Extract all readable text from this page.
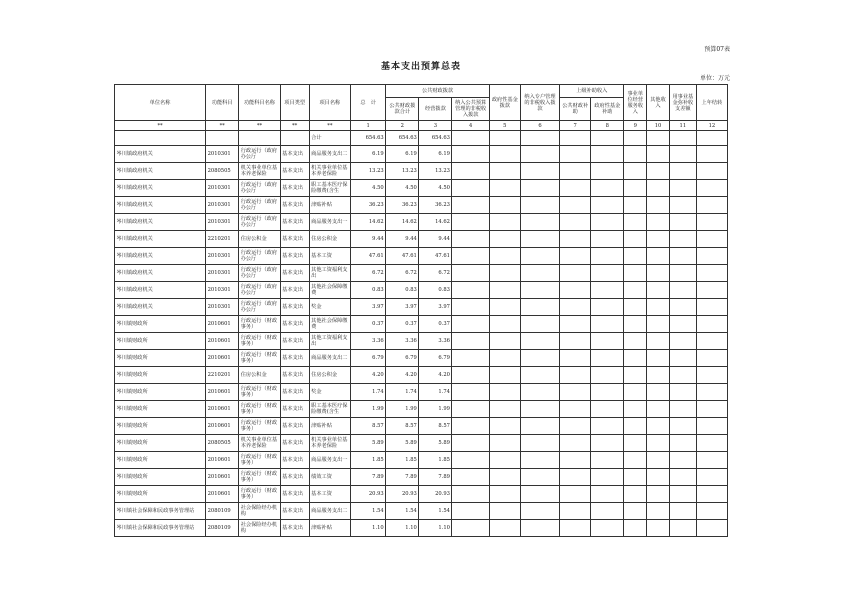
预算07表
基本支出预算总表
单位：万元
单位名称	功能科目	功能科目名称	项目类型	项目名称	总　计	公共财政拨款			政府性基金拨款	纳入专户管理的非税收入拨款	上级补助收入		事业单位经营服务收入	其他收入	用事业基金弥补收支差额	上年结转
						公共财政拨款合计	经营拨款	纳入公共预算管理的非税收入拨款			公共财政补助	政府性基金补助				
**	**	**	**	**	1	2	3	4	5	6	7	8	9	10	11	12
				合计	654.63	654.63	654.63									
岑川镇政府机关	2010301	行政运行（政府办公厅	基本支出	商品服务支出二	6.19	6.19	6.19									
岑川镇政府机关	2080505	机关事业单位基本养老保险	基本支出	机关事业单位基本养老保险	13.23	13.23	13.23									
岑川镇政府机关	2010301	行政运行（政府办公厅	基本支出	职工基本医疗保险缴费(含生	4.50	4.50	4.50									
岑川镇政府机关	2010301	行政运行（政府办公厅	基本支出	津贴补贴	36.23	36.23	36.23									
岑川镇政府机关	2010301	行政运行（政府办公厅	基本支出	商品服务支出一	14.62	14.62	14.62									
岑川镇政府机关	2210201	住房公积金	基本支出	住房公积金	9.44	9.44	9.44									
岑川镇政府机关	2010301	行政运行（政府办公厅	基本支出	基本工资	47.61	47.61	47.61									
岑川镇政府机关	2010301	行政运行（政府办公厅	基本支出	其他工资福利支出	6.72	6.72	6.72									
岑川镇政府机关	2010301	行政运行（政府办公厅	基本支出	其他社会保障缴费	0.83	0.83	0.83									
岑川镇政府机关	2010301	行政运行（政府办公厅	基本支出	奖金	3.97	3.97	3.97									
岑川镇财政所	2010601	行政运行（财政事务）	基本支出	其他社会保障缴费	0.37	0.37	0.37									
岑川镇财政所	2010601	行政运行（财政事务）	基本支出	其他工资福利支出	3.36	3.36	3.36									
岑川镇财政所	2010601	行政运行（财政事务）	基本支出	商品服务支出二	6.79	6.79	6.79									
岑川镇财政所	2210201	住房公积金	基本支出	住房公积金	4.20	4.20	4.20									
岑川镇财政所	2010601	行政运行（财政事务）	基本支出	奖金	1.74	1.74	1.74									
岑川镇财政所	2010601	行政运行（财政事务）	基本支出	职工基本医疗保险缴费(含生	1.99	1.99	1.99									
岑川镇财政所	2010601	行政运行（财政事务）	基本支出	津贴补贴	8.57	8.57	8.57									
岑川镇财政所	2080505	机关事业单位基本养老保险	基本支出	机关事业单位基本养老保险	5.89	5.89	5.89									
岑川镇财政所	2010601	行政运行（财政事务）	基本支出	商品服务支出一	1.85	1.85	1.85									
岑川镇财政所	2010601	行政运行（财政事务）	基本支出	绩效工资	7.89	7.89	7.89									
岑川镇财政所	2010601	行政运行（财政事务）	基本支出	基本工资	20.93	20.93	20.93									
岑川镇社会保障和民政事务管理站	2080109	社会保险经办机构	基本支出	商品服务支出二	1.54	1.54	1.54									
岑川镇社会保障和民政事务管理站	2080109	社会保险经办机构	基本支出	津贴补贴	1.10	1.10	1.10									
